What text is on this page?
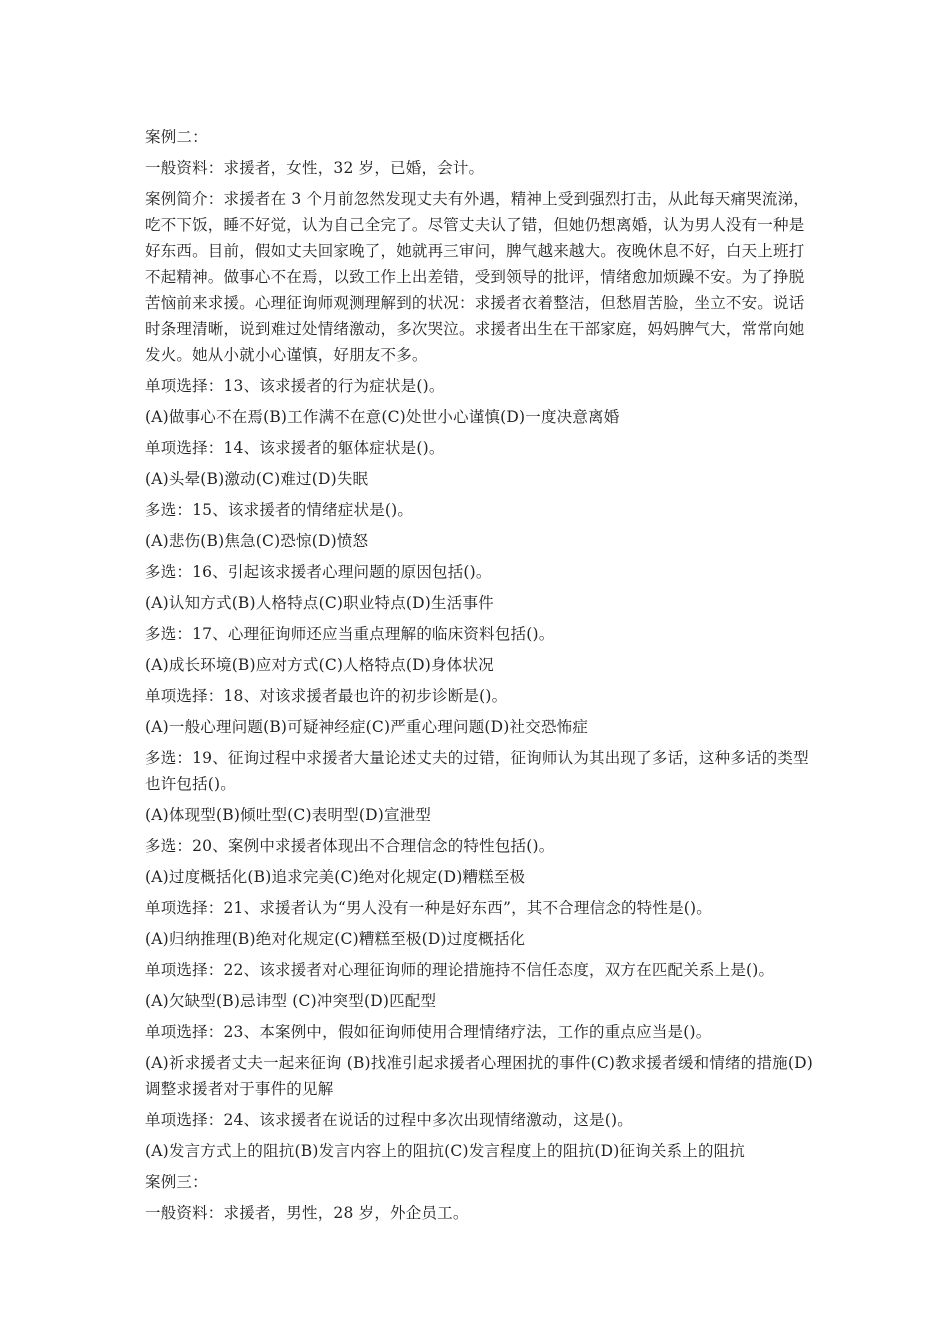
案例二：

一般资料：求援者，女性，32 岁，已婚，会计。

案例简介：求援者在 3 个月前忽然发现丈夫有外遇，精神上受到强烈打击，从此每天痛哭流涕，吃不下饭，睡不好觉，认为自己全完了。尽管丈夫认了错，但她仍想离婚，认为男人没有一种是好东西。目前，假如丈夫回家晚了，她就再三审问，脾气越来越大。夜晚休息不好，白天上班打不起精神。做事心不在焉，以致工作上出差错，受到领导的批评，情绪愈加烦躁不安。为了挣脱苦恼前来求援。心理征询师观测理解到的状况：求援者衣着整洁，但愁眉苦脸，坐立不安。说话时条理清晰，说到难过处情绪激动，多次哭泣。求援者出生在干部家庭，妈妈脾气大，常常向她发火。她从小就小心谨慎，好朋友不多。

单项选择：13、该求援者的行为症状是()。

(A)做事心不在焉(B)工作满不在意(C)处世小心谨慎(D)一度决意离婚

单项选择：14、该求援者的躯体症状是()。

(A)头晕(B)激动(C)难过(D)失眠

多选：15、该求援者的情绪症状是()。

(A)悲伤(B)焦急(C)恐惊(D)愤怒

多选：16、引起该求援者心理问题的原因包括()。

(A)认知方式(B)人格特点(C)职业特点(D)生活事件

多选：17、心理征询师还应当重点理解的临床资料包括()。

(A)成长环境(B)应对方式(C)人格特点(D)身体状况

单项选择：18、对该求援者最也许的初步诊断是()。

(A)一般心理问题(B)可疑神经症(C)严重心理问题(D)社交恐怖症

多选：19、征询过程中求援者大量论述丈夫的过错，征询师认为其出现了多话，这种多话的类型也许包括()。

(A)体现型(B)倾吐型(C)表明型(D)宣泄型

多选：20、案例中求援者体现出不合理信念的特性包括()。

(A)过度概括化(B)追求完美(C)绝对化规定(D)糟糕至极

单项选择：21、求援者认为“男人没有一种是好东西”，其不合理信念的特性是()。

(A)归纳推理(B)绝对化规定(C)糟糕至极(D)过度概括化

单项选择：22、该求援者对心理征询师的理论措施持不信任态度，双方在匹配关系上是()。

(A)欠缺型(B)忌讳型 (C)冲突型(D)匹配型

单项选择：23、本案例中，假如征询师使用合理情绪疗法，工作的重点应当是()。

(A)祈求援者丈夫一起来征询 (B)找准引起求援者心理困扰的事件(C)教求援者缓和情绪的措施(D)调整求援者对于事件的见解

单项选择：24、该求援者在说话的过程中多次出现情绪激动，这是()。

(A)发言方式上的阻抗(B)发言内容上的阻抗(C)发言程度上的阻抗(D)征询关系上的阻抗

案例三：

一般资料：求援者，男性，28 岁，外企员工。
